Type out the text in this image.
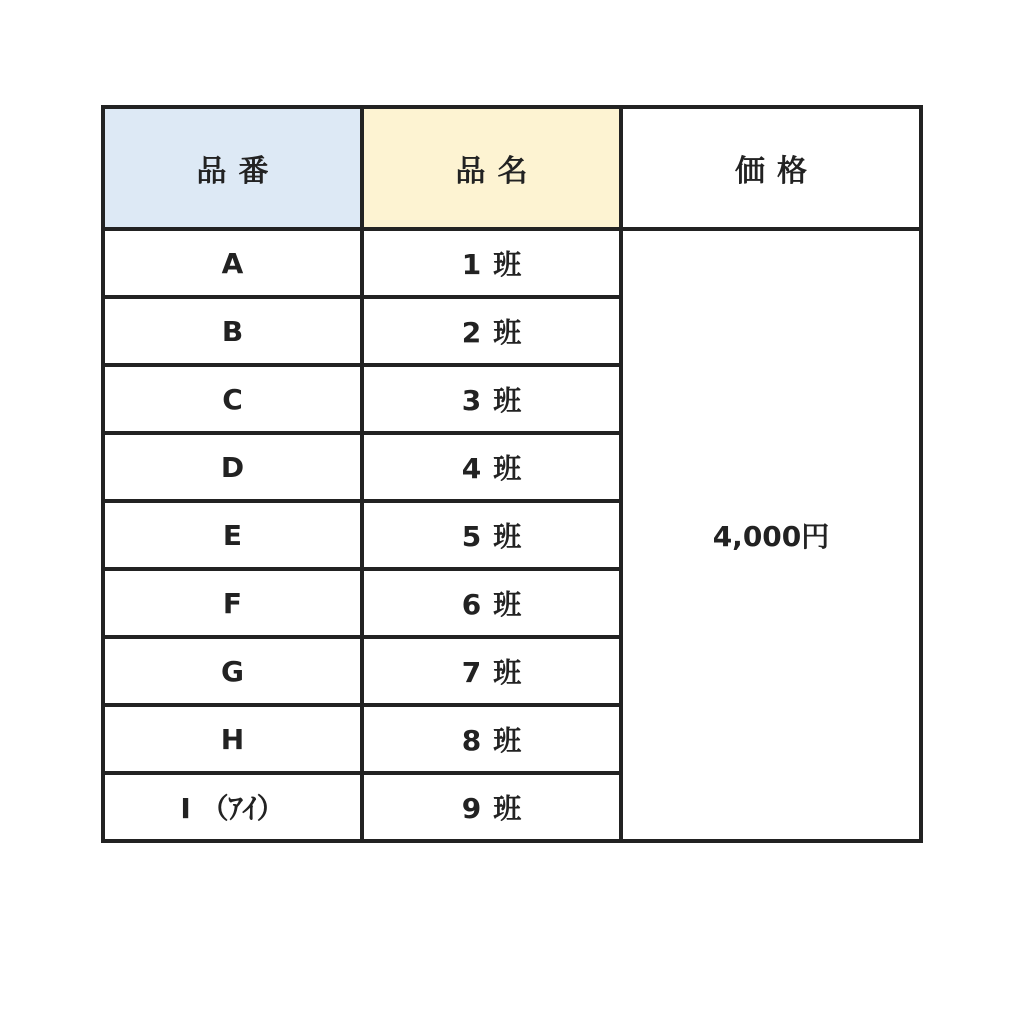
品番	品名	価格
A	1 班	4,000円
B	2 班	
C	3 班	
D	4 班	
E	5 班	
F	6 班	
G	7 班	
H	8 班	
I （ｱｲ）	9 班	
